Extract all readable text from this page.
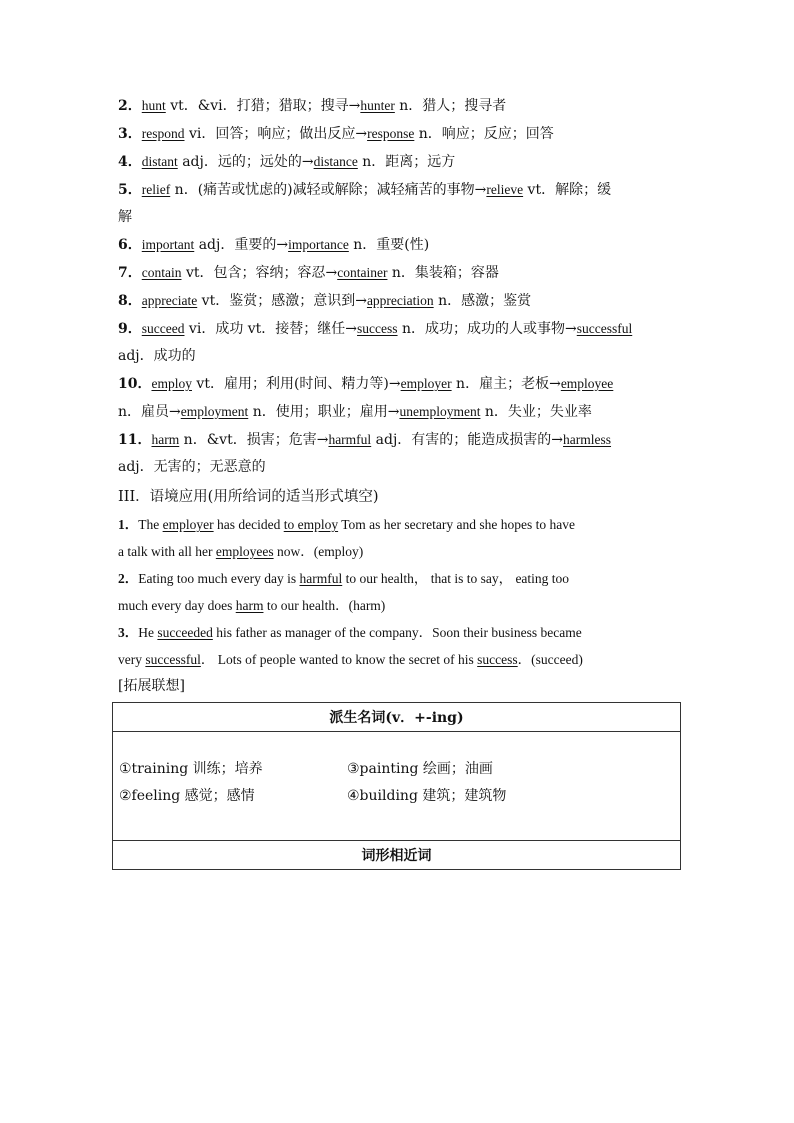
2．hunt vt．&vi．打猎；猎取；搜寻→hunter n．猎人；搜寻者
3．respond vi．回答；响应；做出反应→response n．响应；反应；回答
4．distant adj．远的；远处的→distance n．距离；远方
5．relief n．(痛苦或忧虑的)减轻或解除；减轻痛苦的事物→relieve vt．解除；缓
解
6．important adj．重要的→importance n．重要(性)
7．contain vt．包含；容纳；容忍→container n．集装箱；容器
8．appreciate vt．鉴赏；感激；意识到→appreciation n．感激；鉴赏
9．succeed vi．成功 vt．接替；继任→success n．成功；成功的人或事物→successful
adj．成功的
10．employ vt．雇用；利用(时间、精力等)→employer n．雇主；老板→employee
n．雇员→employment n．使用；职业；雇用→unemployment n．失业；失业率
11．harm n．&vt．损害；危害→harmful adj．有害的；能造成损害的→harmless
adj．无害的；无恶意的
III．语境应用(用所给词的适当形式填空)
1．The employer has decided to employ Tom as her secretary and she hopes to have
a talk with all her employees now．(employ)
2．Eating too much every day is harmful to our health， that is to say， eating too
much every day does harm to our health．(harm)
3．He succeeded his father as manager of the company．Soon their business became
very successful． Lots of people wanted to know the secret of his success．(succeed)
[拓展联想]
派生名词(v．+-ing)

①training 训练；培养
②feeling 感觉；感情
③painting 绘画；油画
④building 建筑；建筑物

词形相近词
